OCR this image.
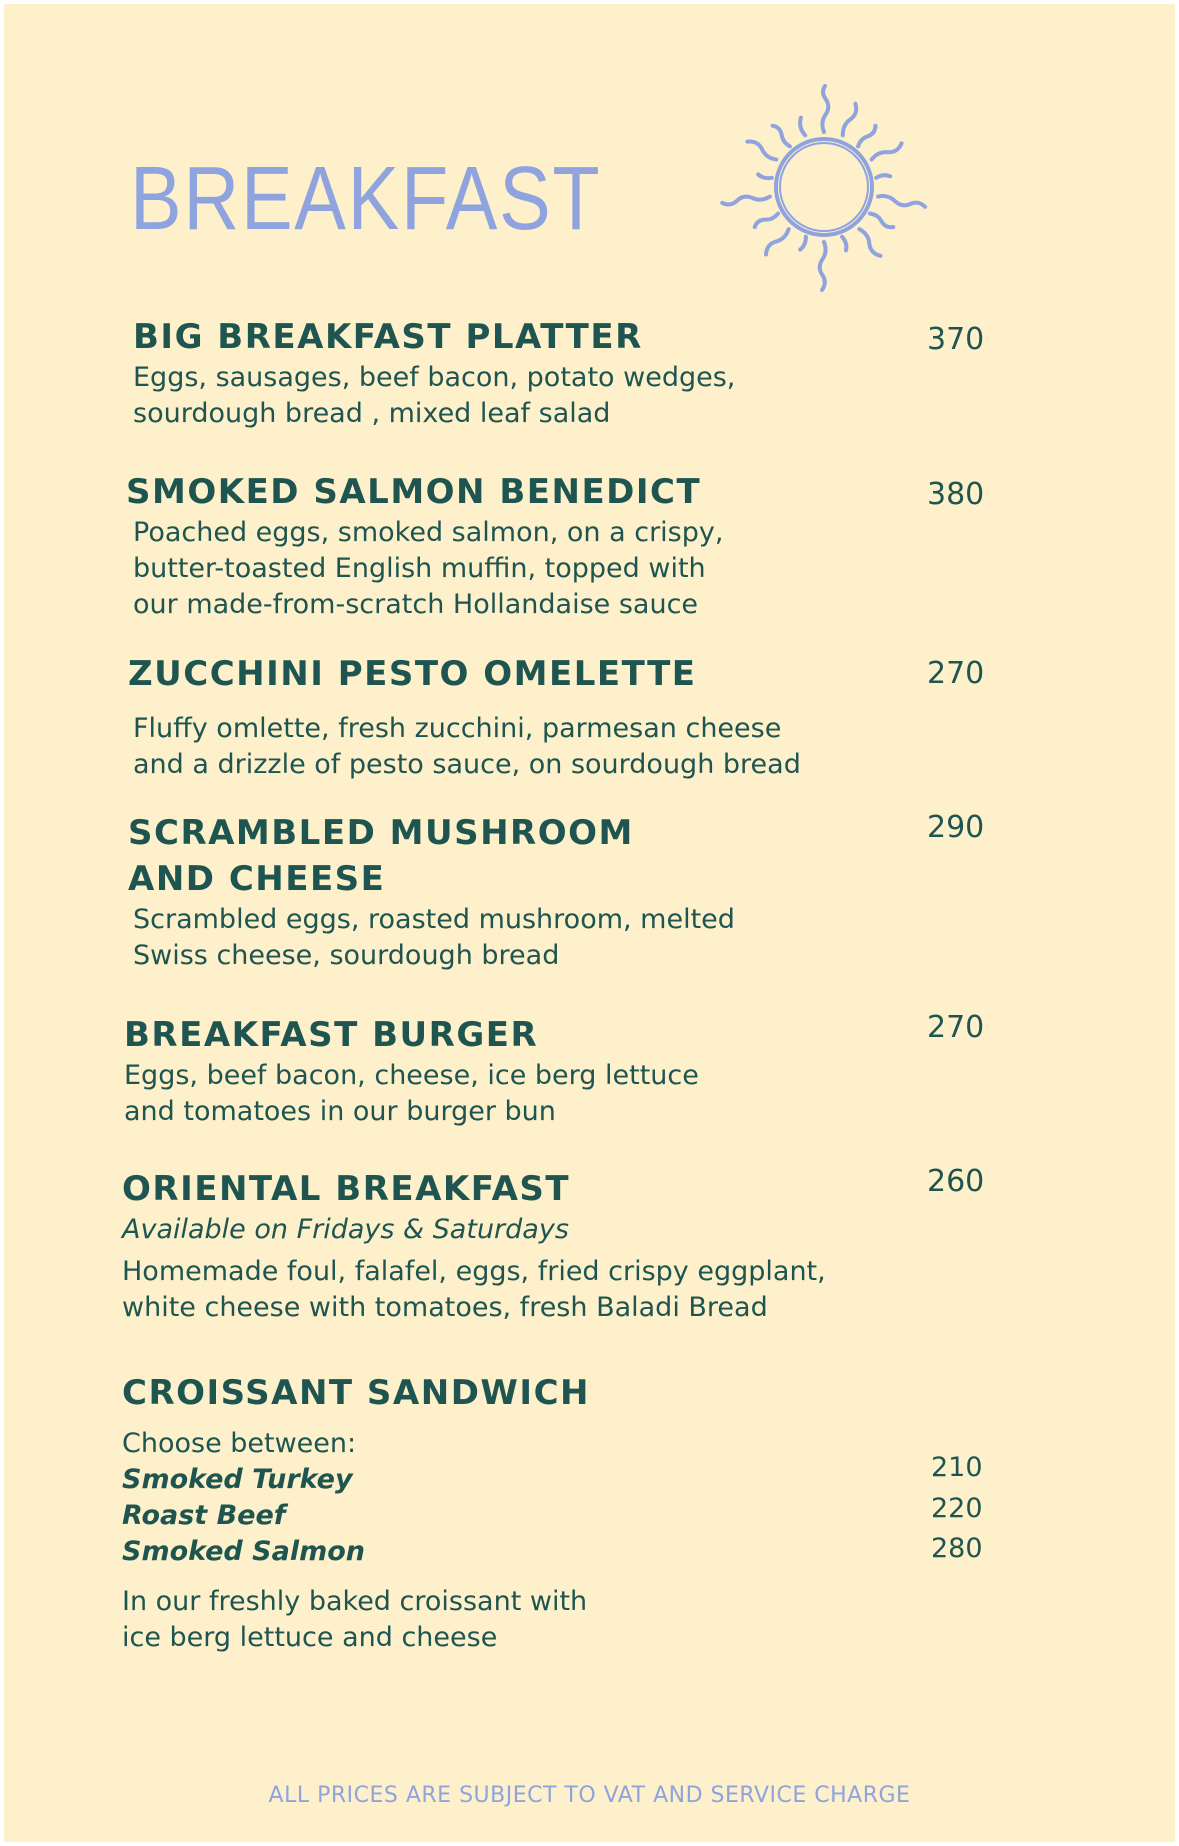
BREAKFAST
BIG BREAKFAST PLATTER
Eggs, sausages, beef bacon, potato wedges,
sourdough bread , mixed leaf salad
370
SMOKED SALMON BENEDICT
Poached eggs, smoked salmon, on a crispy,
butter-toasted English muffin, topped with
our made-from-scratch Hollandaise sauce
380
ZUCCHINI PESTO OMELETTE
Fluffy omlette, fresh zucchini, parmesan cheese
and a drizzle of pesto sauce, on sourdough bread
270
SCRAMBLED MUSHROOM
AND CHEESE
Scrambled eggs, roasted mushroom, melted
Swiss cheese, sourdough bread
290
BREAKFAST BURGER
Eggs, beef bacon, cheese, ice berg lettuce
and tomatoes in our burger bun
270
ORIENTAL BREAKFAST
Available on Fridays & Saturdays
Homemade foul, falafel, eggs, fried crispy eggplant,
white cheese with tomatoes, fresh Baladi Bread
260
CROISSANT SANDWICH
Choose between:
Smoked Turkey
Roast Beef
Smoked Salmon
In our freshly baked croissant with
ice berg lettuce and cheese
210
220
280
ALL PRICES ARE SUBJECT TO VAT AND SERVICE CHARGE
